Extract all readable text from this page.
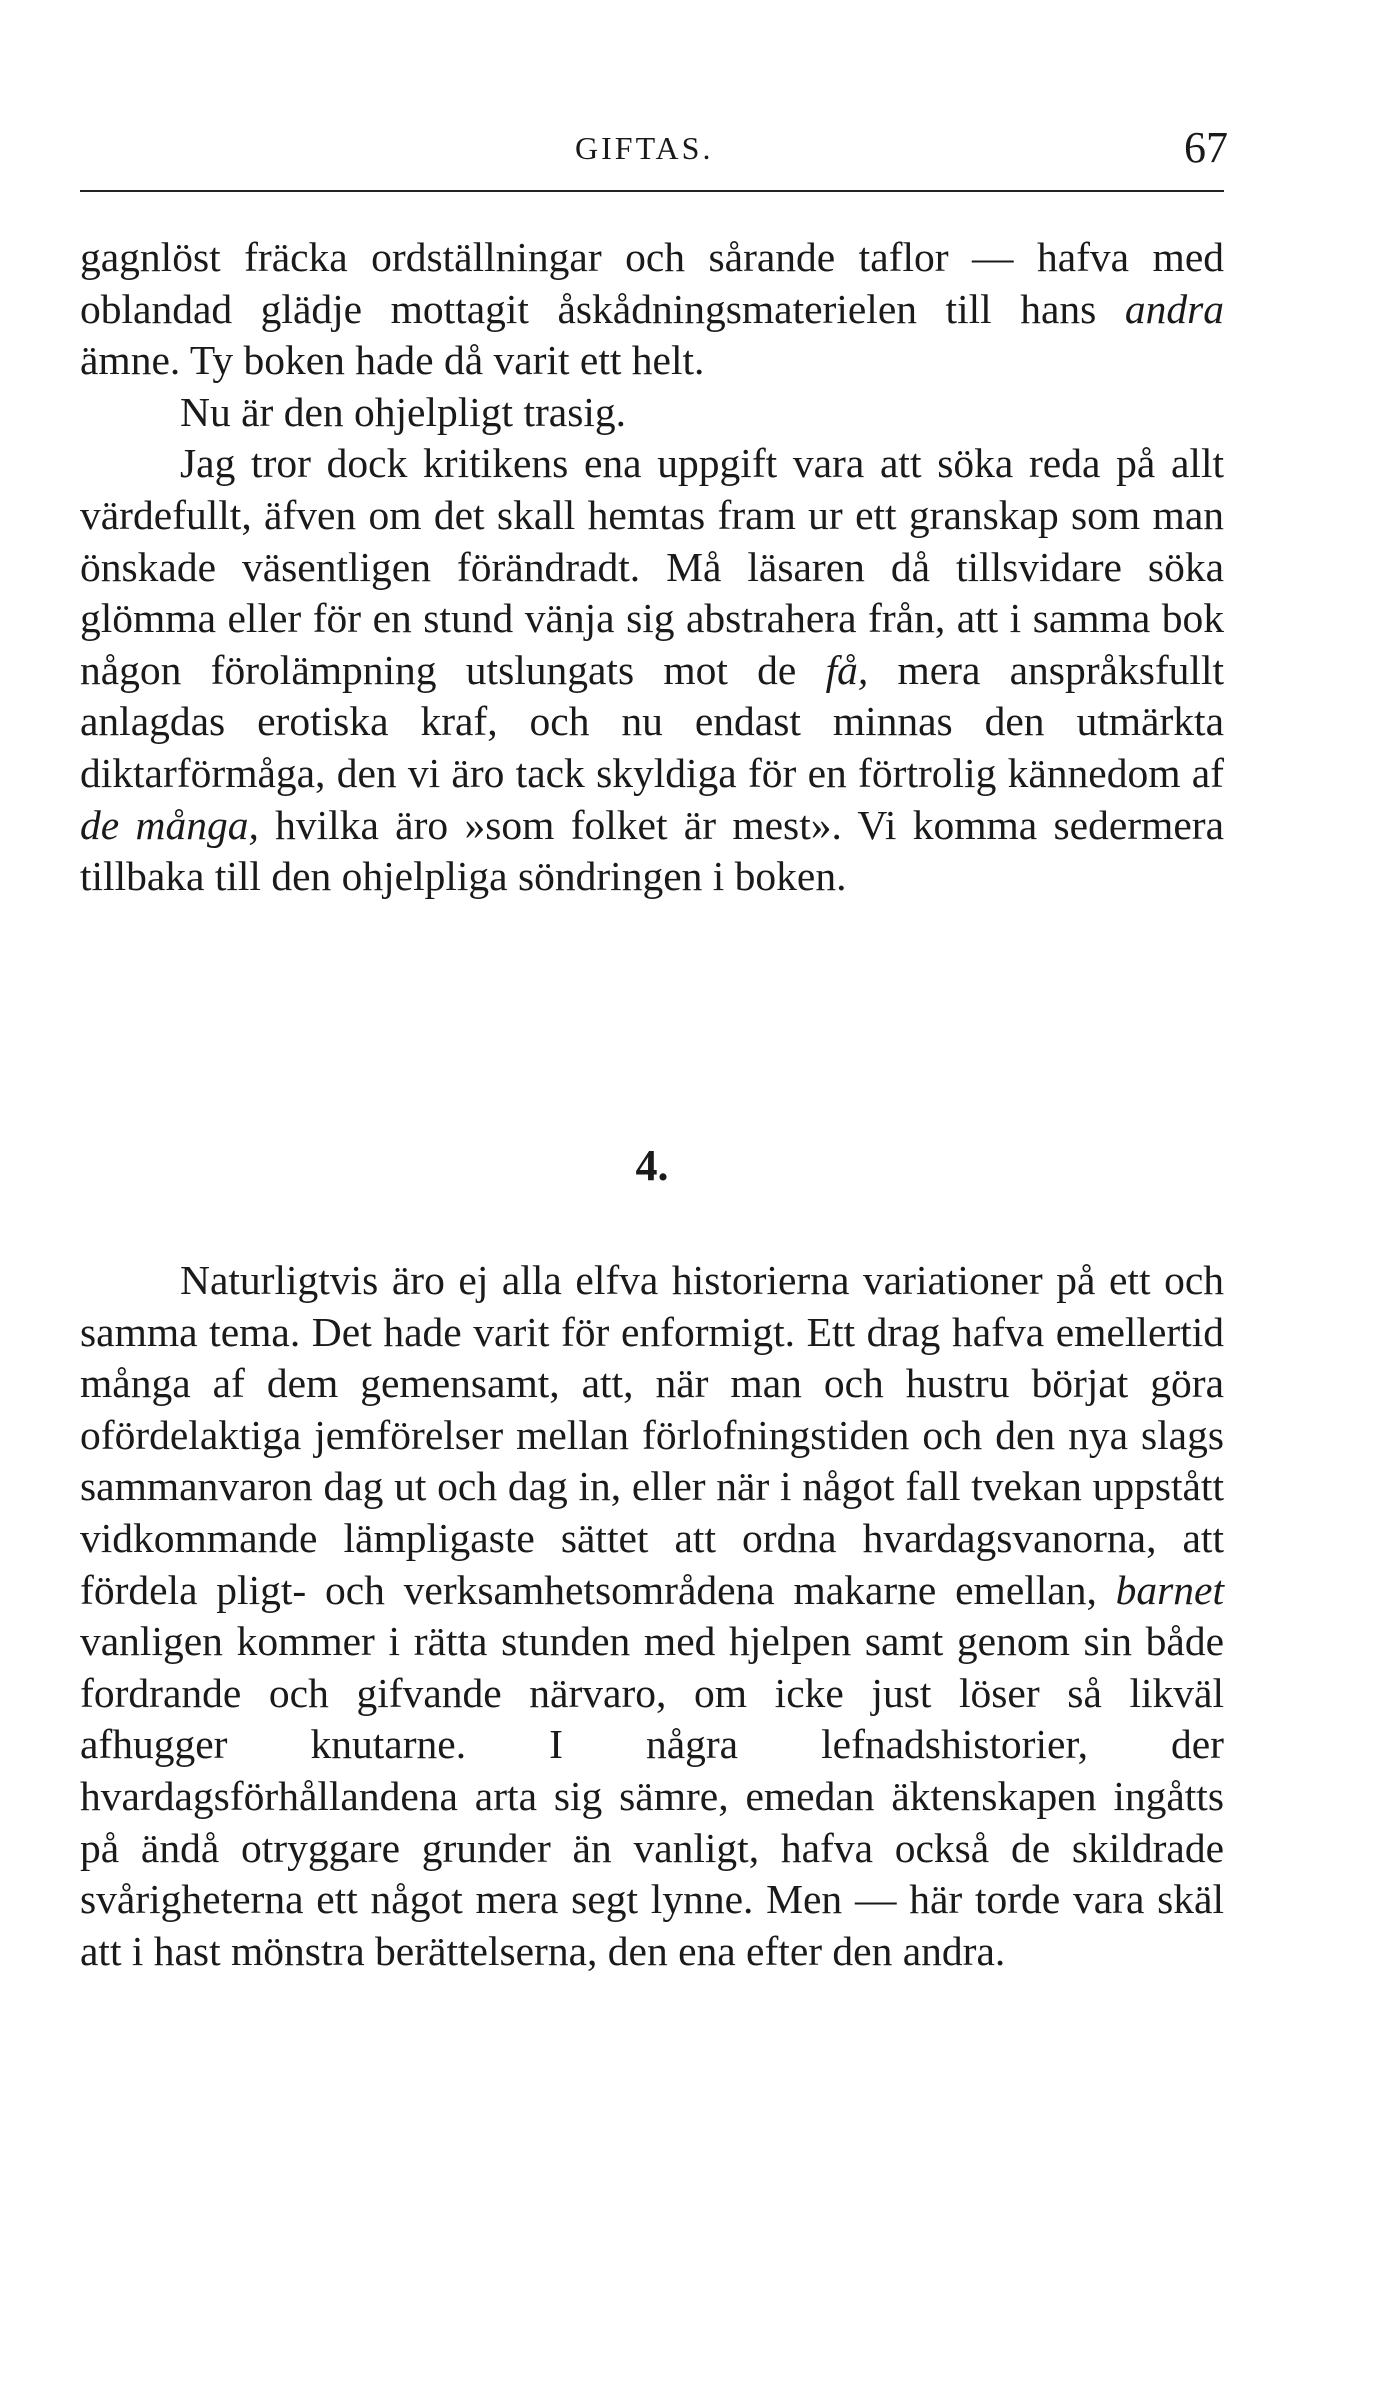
GIFTAS.	67

gagnlöst fräcka ordställningar och sårande taflor — hafva med oblandad glädje mottagit åskådningsmaterielen till hans andra ämne. Ty boken hade då varit ett helt.

Nu är den ohjelpligt trasig.

Jag tror dock kritikens ena uppgift vara att söka reda på allt värdefullt, äfven om det skall hemtas fram ur ett granskap som man önskade väsentligen förändradt. Må läsaren då tillsvidare söka glömma eller för en stund vänja sig abstrahera från, att i samma bok någon förolämpning utslungats mot de få, mera anspråksfullt anlagdas erotiska kraf, och nu endast minnas den utmärkta diktarförmåga, den vi äro tack skyldiga för en förtrolig kännedom af de många, hvilka äro »som folket är mest». Vi komma sedermera tillbaka till den ohjelpliga söndringen i boken.

4.

Naturligtvis äro ej alla elfva historierna variationer på ett och samma tema. Det hade varit för enformigt. Ett drag hafva emellertid många af dem gemensamt, att, när man och hustru börjat göra ofördelaktiga jemförelser mellan förlofningstiden och den nya slags sammanvaron dag ut och dag in, eller när i något fall tvekan uppstått vidkommande lämpligaste sättet att ordna hvardagsvanorna, att fördela pligt- och verksamhetsområdena makarne emellan, barnet vanligen kommer i rätta stunden med hjelpen samt genom sin både fordrande och gifvande närvaro, om icke just löser så likväl afhugger knutarne. I några lefnadshistorier, der hvardagsförhållandena arta sig sämre, emedan äktenskapen ingåtts på ändå otryggare grunder än vanligt, hafva också de skildrade svårigheterna ett något mera segt lynne. Men — här torde vara skäl att i hast mönstra berättelserna, den ena efter den andra.
